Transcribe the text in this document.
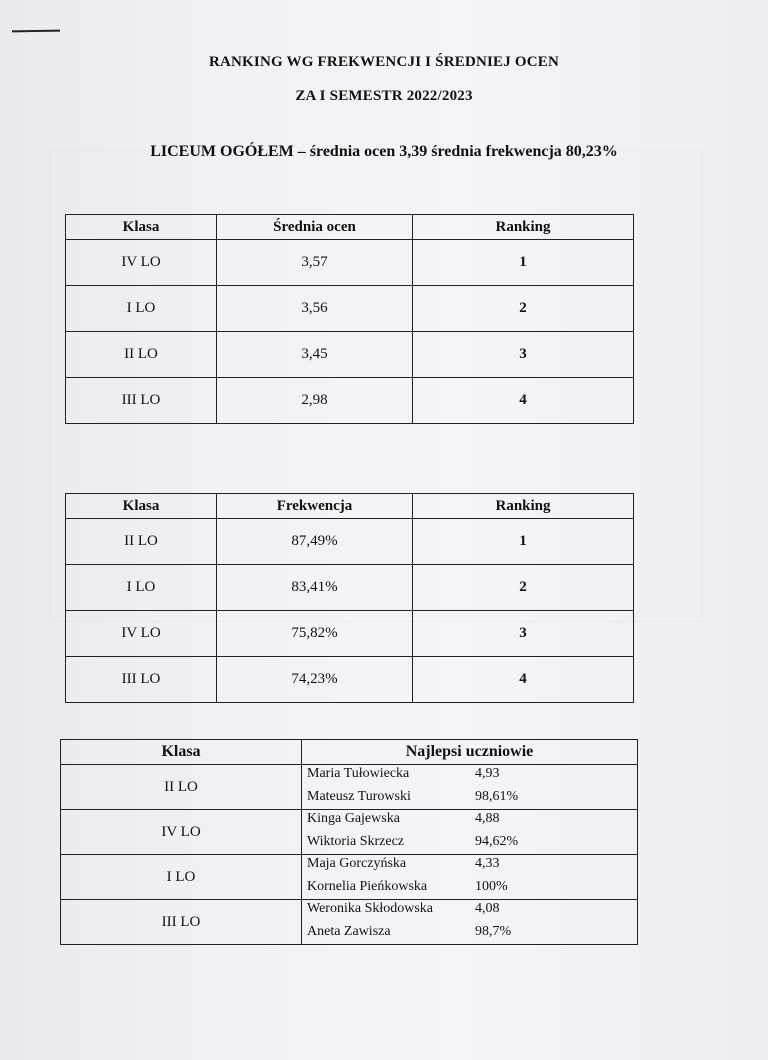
RANKING WG FREKWENCJI I ŚREDNIEJ OCEN
ZA I SEMESTR 2022/2023
LICEUM OGÓŁEM – średnia ocen 3,39 średnia frekwencja 80,23%
Klasa	Średnia ocen	Ranking
IV LO	3,57	1
I LO	3,56	2
II LO	3,45	3
III LO	2,98	4
Klasa	Frekwencja	Ranking
II LO	87,49%	1
I LO	83,41%	2
IV LO	75,82%	3
III LO	74,23%	4
Klasa	Najlepsi uczniowie
II LO	Maria Tułowiecka 4,93
Mateusz Turowski 98,61%

IV LO	Kinga Gajewska 4,88
Wiktoria Skrzecz 94,62%

I LO	Maja Gorczyńska 4,33
Kornelia Pieńkowska 100%

III LO	Weronika Skłodowska 4,08
Aneta Zawisza 98,7%
